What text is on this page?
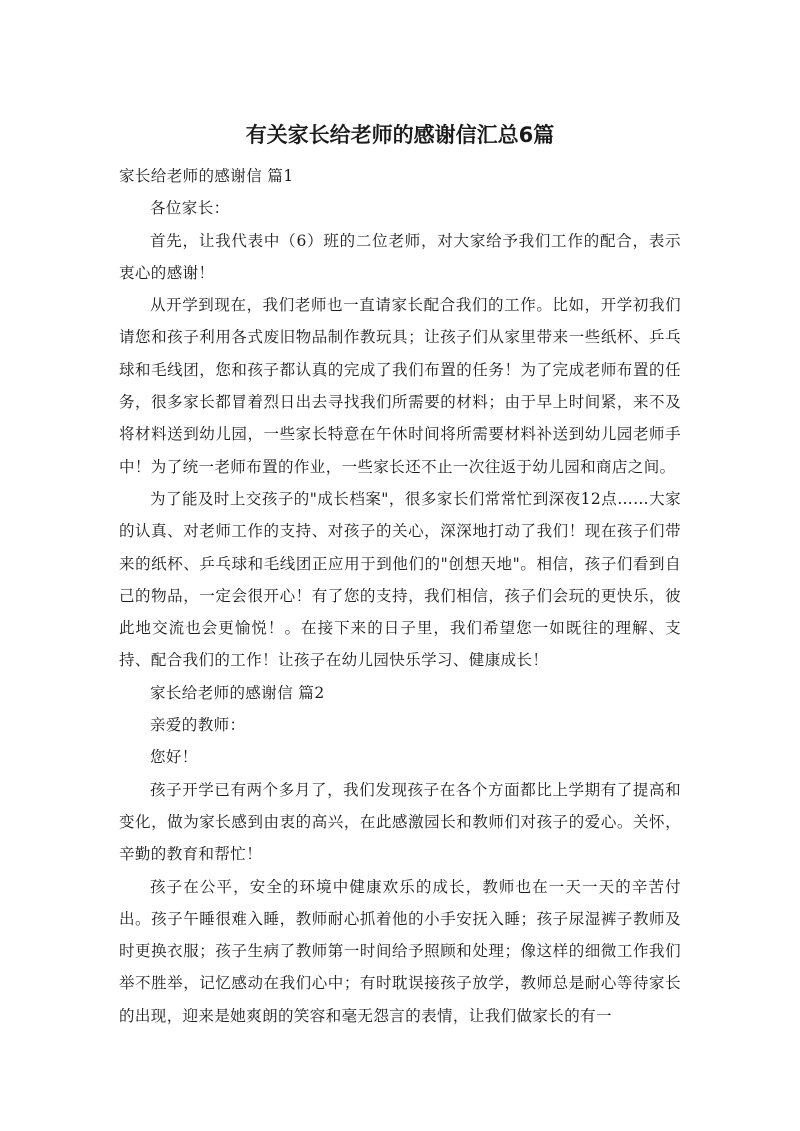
有关家长给老师的感谢信汇总6篇

家长给老师的感谢信 篇1

各位家长：

首先，让我代表中（6）班的二位老师，对大家给予我们工作的配合，表示衷心的感谢！

从开学到现在，我们老师也一直请家长配合我们的工作。比如，开学初我们请您和孩子利用各式废旧物品制作教玩具；让孩子们从家里带来一些纸杯、乒乓球和毛线团，您和孩子都认真的完成了我们布置的任务！为了完成老师布置的任务，很多家长都冒着烈日出去寻找我们所需要的材料；由于早上时间紧，来不及将材料送到幼儿园，一些家长特意在午休时间将所需要材料补送到幼儿园老师手中！为了统一老师布置的作业，一些家长还不止一次往返于幼儿园和商店之间。

为了能及时上交孩子的"成长档案"，很多家长们常常忙到深夜12点……大家的认真、对老师工作的支持、对孩子的关心，深深地打动了我们！现在孩子们带来的纸杯、乒乓球和毛线团正应用于到他们的"创想天地"。相信，孩子们看到自己的物品，一定会很开心！有了您的支持，我们相信，孩子们会玩的更快乐，彼此地交流也会更愉悦！。在接下来的日子里，我们希望您一如既往的理解、支持、配合我们的工作！让孩子在幼儿园快乐学习、健康成长！

家长给老师的感谢信 篇2

亲爱的教师：

您好！

孩子开学已有两个多月了，我们发现孩子在各个方面都比上学期有了提高和变化，做为家长感到由衷的高兴，在此感激园长和教师们对孩子的爱心。关怀，辛勤的教育和帮忙！

孩子在公平，安全的环境中健康欢乐的成长，教师也在一天一天的辛苦付出。孩子午睡很难入睡，教师耐心抓着他的小手安抚入睡；孩子尿湿裤子教师及时更换衣服；孩子生病了教师第一时间给予照顾和处理；像这样的细微工作我们举不胜举，记忆感动在我们心中；有时耽误接孩子放学，教师总是耐心等待家长的出现，迎来是她爽朗的笑容和毫无怨言的表情，让我们做家长的有一
